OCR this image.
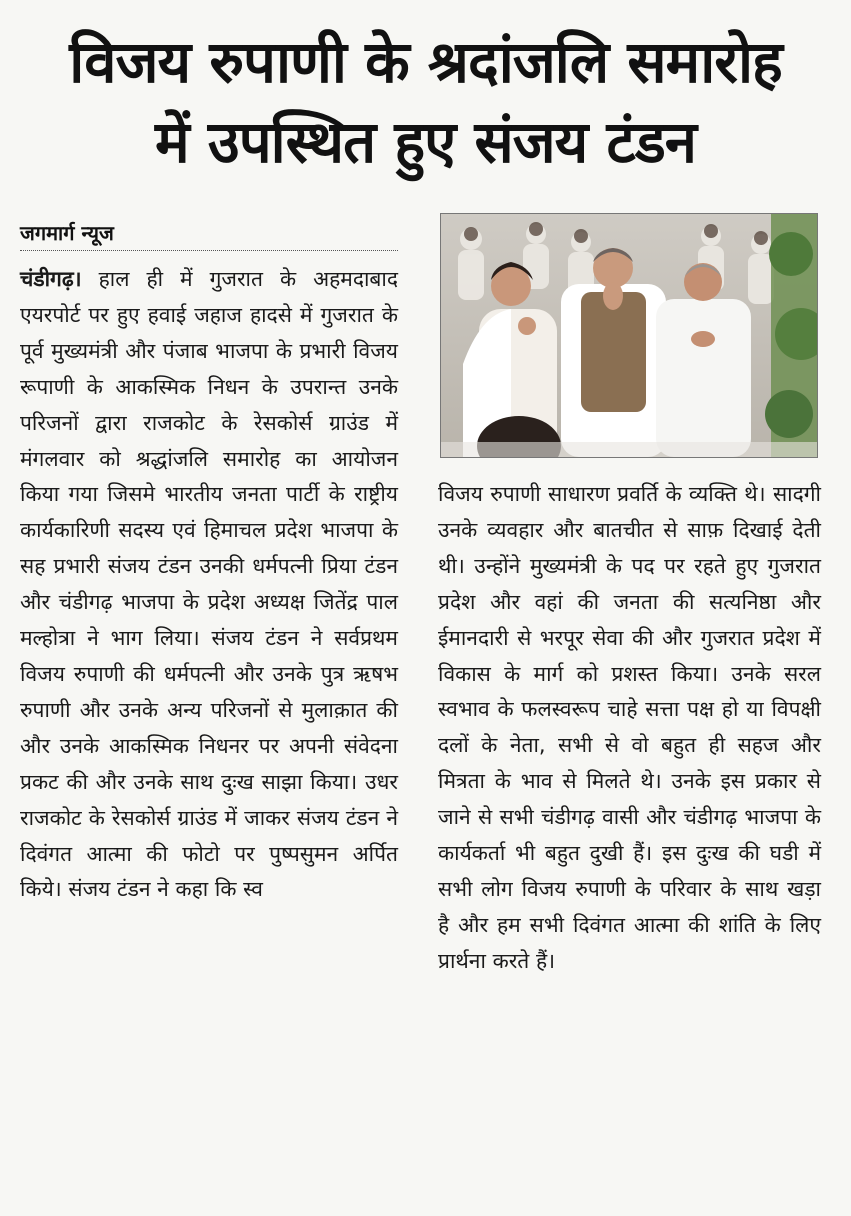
विजय रुपाणी के श्रदांजलि समारोह
में उपस्थित हुए संजय टंडन
जगमार्ग न्यूज

चंडीगढ़। हाल ही में गुजरात के अहमदाबाद एयरपोर्ट पर हुए हवाई जहाज हादसे में गुजरात के पूर्व मुख्यमंत्री और पंजाब भाजपा के प्रभारी विजय रूपाणी के आकस्मिक निधन के उपरान्त उनके परिजनों द्वारा राजकोट के रेसकोर्स ग्राउंड में मंगलवार को श्रद्धांजलि समारोह का आयोजन किया गया जिसमे भारतीय जनता पार्टी के राष्ट्रीय कार्यकारिणी सदस्य एवं हिमाचल प्रदेश भाजपा के सह प्रभारी संजय टंडन उनकी धर्मपत्नी प्रिया टंडन और चंडीगढ़ भाजपा के प्रदेश अध्यक्ष जितेंद्र पाल मल्होत्रा ने भाग लिया। संजय टंडन ने सर्वप्रथम विजय रुपाणी की धर्मपत्नी और उनके पुत्र ऋषभ रुपाणी और उनके अन्य परिजनों से मुलाक़ात की और उनके आकस्मिक निधनर पर अपनी संवेदना प्रकट की और उनके साथ दुःख साझा किया। उधर राजकोट के रेसकोर्स ग्राउंड में जाकर संजय टंडन ने दिवंगत आत्मा की फोटो पर पुष्पसुमन अर्पित किये। संजय टंडन ने कहा कि स्व

विजय रुपाणी साधारण प्रवर्ति के व्यक्ति थे। सादगी उनके व्यवहार और बातचीत से साफ़ दिखाई देती थी। उन्होंने मुख्यमंत्री के पद पर रहते हुए गुजरात प्रदेश और वहां की जनता की सत्यनिष्ठा और ईमानदारी से भरपूर सेवा की और गुजरात प्रदेश में विकास के मार्ग को प्रशस्त किया। उनके सरल स्वभाव के फलस्वरूप चाहे सत्ता पक्ष हो या विपक्षी दलों के नेता, सभी से वो बहुत ही सहज और मित्रता के भाव से मिलते थे। उनके इस प्रकार से जाने से सभी चंडीगढ़ वासी और चंडीगढ़ भाजपा के कार्यकर्ता भी बहुत दुखी हैं। इस दुःख की घडी में सभी लोग विजय रुपाणी के परिवार के साथ खड़ा है और हम सभी दिवंगत आत्मा की शांति के लिए प्रार्थना करते हैं।
